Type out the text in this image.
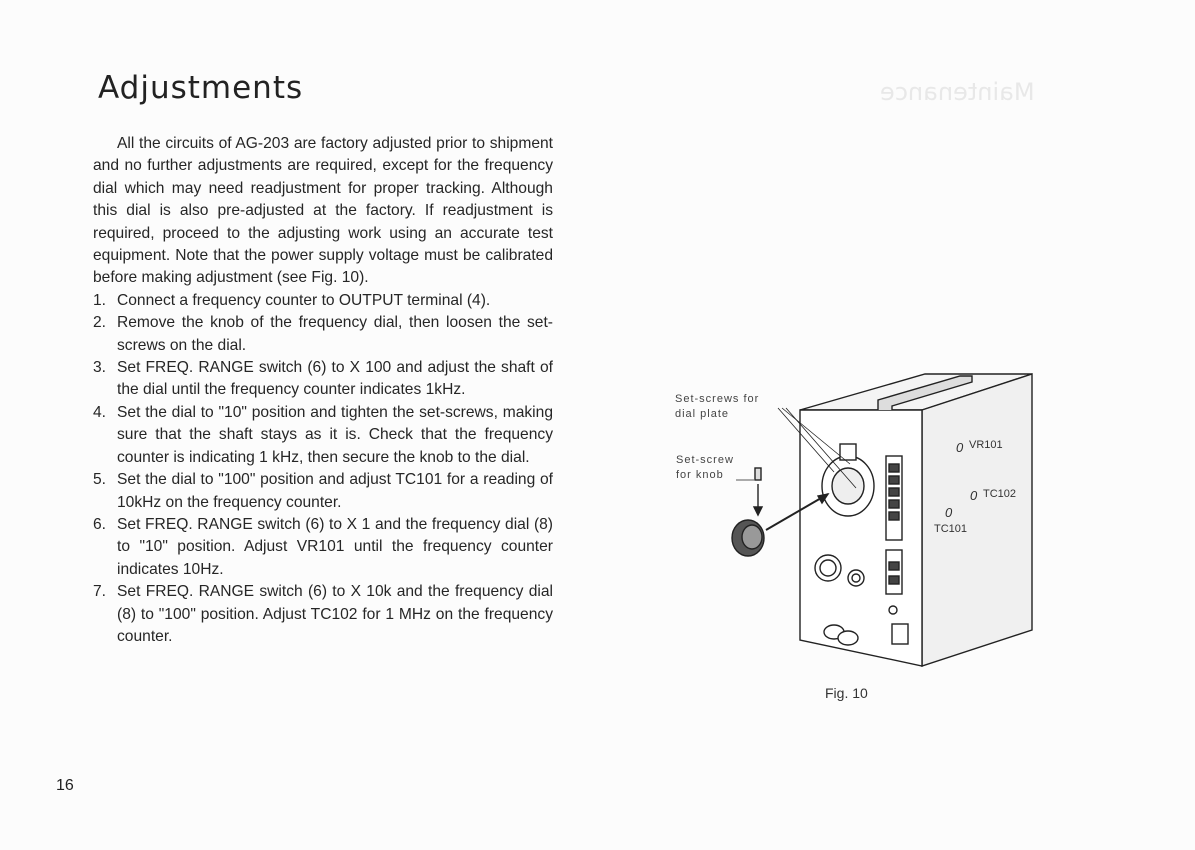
Maintenance
Adjustments

All the circuits of AG-203 are factory adjusted prior to shipment and no further adjustments are required, except for the frequency dial which may need readjustment for proper tracking. Although this dial is also pre-adjusted at the factory. If readjustment is required, proceed to the adjusting work using an accurate test equipment. Note that the power supply voltage must be calibrated before making adjustment (see Fig. 10).

1. Connect a frequency counter to OUTPUT terminal (4).
2. Remove the knob of the frequency dial, then loosen the set-screws on the dial.
3. Set FREQ. RANGE switch (6) to X 100 and adjust the shaft of the dial until the frequency counter indicates 1kHz.
4. Set the dial to "10" position and tighten the set-screws, making sure that the shaft stays as it is. Check that the frequency counter is indicating 1 kHz, then secure the knob to the dial.
5. Set the dial to "100" position and adjust TC101 for a reading of 10kHz on the frequency counter.
6. Set FREQ. RANGE switch (6) to X 1 and the frequency dial (8) to "10" position. Adjust VR101 until the frequency counter indicates 10Hz.
7. Set FREQ. RANGE switch (6) to X 10k and the frequency dial (8) to "100" position. Adjust TC102 for 1 MHz on the frequency counter.
16
Set-screws for
dial plate
Set-screw
for knob
0 VR101
0 TC102
0
TC101
Fig. 10
